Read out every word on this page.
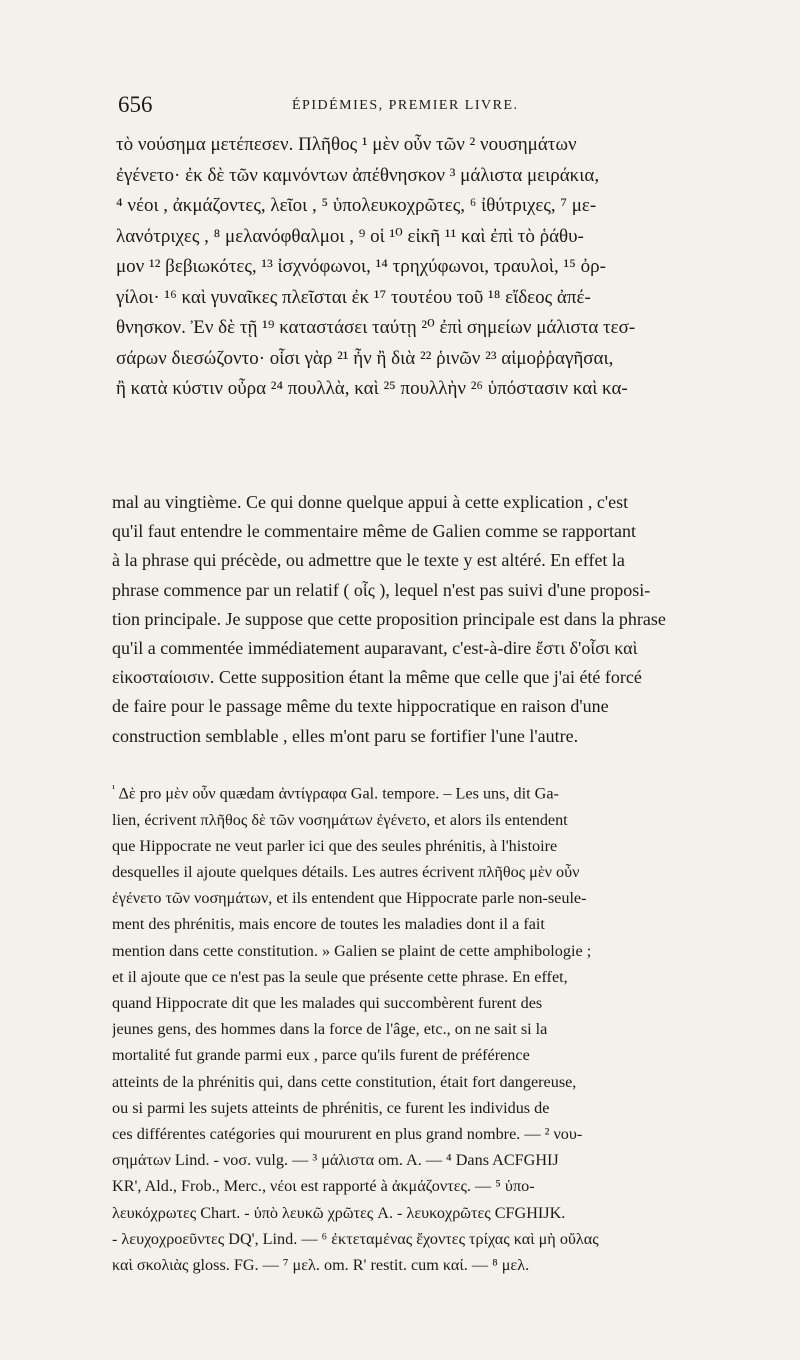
656	ÉPIDÉMIES, PREMIER LIVRE.
τὸ νούσημα μετέπεσεν. Πλῆθος ¹ μὲν οὖν τῶν ² νουσημάτων
ἐγένετο· ἐκ δὲ τῶν καμνόντων ἀπέθνησκον ³ μάλιστα μειράκια,
⁴ νέοι , ἀκμάζοντες, λεῖοι , ⁵ ὑπολευκοχρῶτες, ⁶ ἰθύτριχες, ⁷ με-
λανότριχες , ⁸ μελανόφθαλμοι , ⁹ οἱ ¹⁰ εἰκῆ ¹¹ καὶ ἐπὶ τὸ ῥάθυ-
μον ¹² βεβιωκότες, ¹³ ἰσχνόφωνοι, ¹⁴ τρηχύφωνοι, τραυλοὶ, ¹⁵ ὀρ-
γίλοι· ¹⁶ καὶ γυναῖκες πλεῖσται ἐκ ¹⁷ τουτέου τοῦ ¹⁸ εἴδεος ἀπέ-
θνησκον. Ἐν δὲ τῇ ¹⁹ καταστάσει ταύτῃ ²⁰ ἐπὶ σημείων μάλιστα τεσ-
σάρων διεσώζοντο· οἷσι γὰρ ²¹ ἦν ἢ διὰ ²² ῥινῶν ²³ αἱμοῤῥαγῆσαι,
ἢ κατὰ κύστιν οὖρα ²⁴ πουλλὰ, καὶ ²⁵ πουλλὴν ²⁶ ὑπόστασιν καὶ κα-
mal au vingtième. Ce qui donne quelque appui à cette explication , c'est
qu'il faut entendre le commentaire même de Galien comme se rapportant
à la phrase qui précède, ou admettre que le texte y est altéré. En effet la
phrase commence par un relatif ( οἷς ), lequel n'est pas suivi d'une proposi-
tion principale. Je suppose que cette proposition principale est dans la phrase
qu'il a commentée immédiatement auparavant, c'est-à-dire ἔστι δ'οἷσι καὶ
εἰκοσταίοισιν. Cette supposition étant la même que celle que j'ai été forcé
de faire pour le passage même du texte hippocratique en raison d'une
construction semblable , elles m'ont paru se fortifier l'une l'autre.
$^{^1}$ Δὲ pro μὲν οὖν quædam ἀντίγραφα Gal. tempore. – Les uns, dit Ga-
lien, écrivent πλῆθος δὲ τῶν νοσημάτων ἐγένετο, et alors ils entendent
que Hippocrate ne veut parler ici que des seules phrénitis, à l'histoire
desquelles il ajoute quelques détails. Les autres écrivent πλῆθος μὲν οὖν
ἐγένετο τῶν νοσημάτων, et ils entendent que Hippocrate parle non-seule-
ment des phrénitis, mais encore de toutes les maladies dont il a fait
mention dans cette constitution. » Galien se plaint de cette amphibologie ;
et il ajoute que ce n'est pas la seule que présente cette phrase. En effet,
quand Hippocrate dit que les malades qui succombèrent furent des
jeunes gens, des hommes dans la force de l'âge, etc., on ne sait si la
mortalité fut grande parmi eux , parce qu'ils furent de préférence
atteints de la phrénitis qui, dans cette constitution, était fort dangereuse,
ou si parmi les sujets atteints de phrénitis, ce furent les individus de
ces différentes catégories qui moururent en plus grand nombre. — ² νου-
σημάτων Lind. - νοσ. vulg. — ³ μάλιστα om. A. — ⁴ Dans ACFGHIJ
KR', Ald., Frob., Merc., νέοι est rapporté à ἀκμάζοντες. — ⁵ ὑπο-
λευκόχρωτες Chart. - ὑπὸ λευκῶ χρῶτες A. - λευκοχρῶτες CFGHIJK.
- λευχοχροεῦντες DQ', Lind. — ⁶ ἐκτεταμένας ἔχοντες τρίχας καὶ μὴ οὔλας
καὶ σκολιὰς gloss. FG. — ⁷ μελ. om. R' restit. cum καί. — ⁸ μελ.
